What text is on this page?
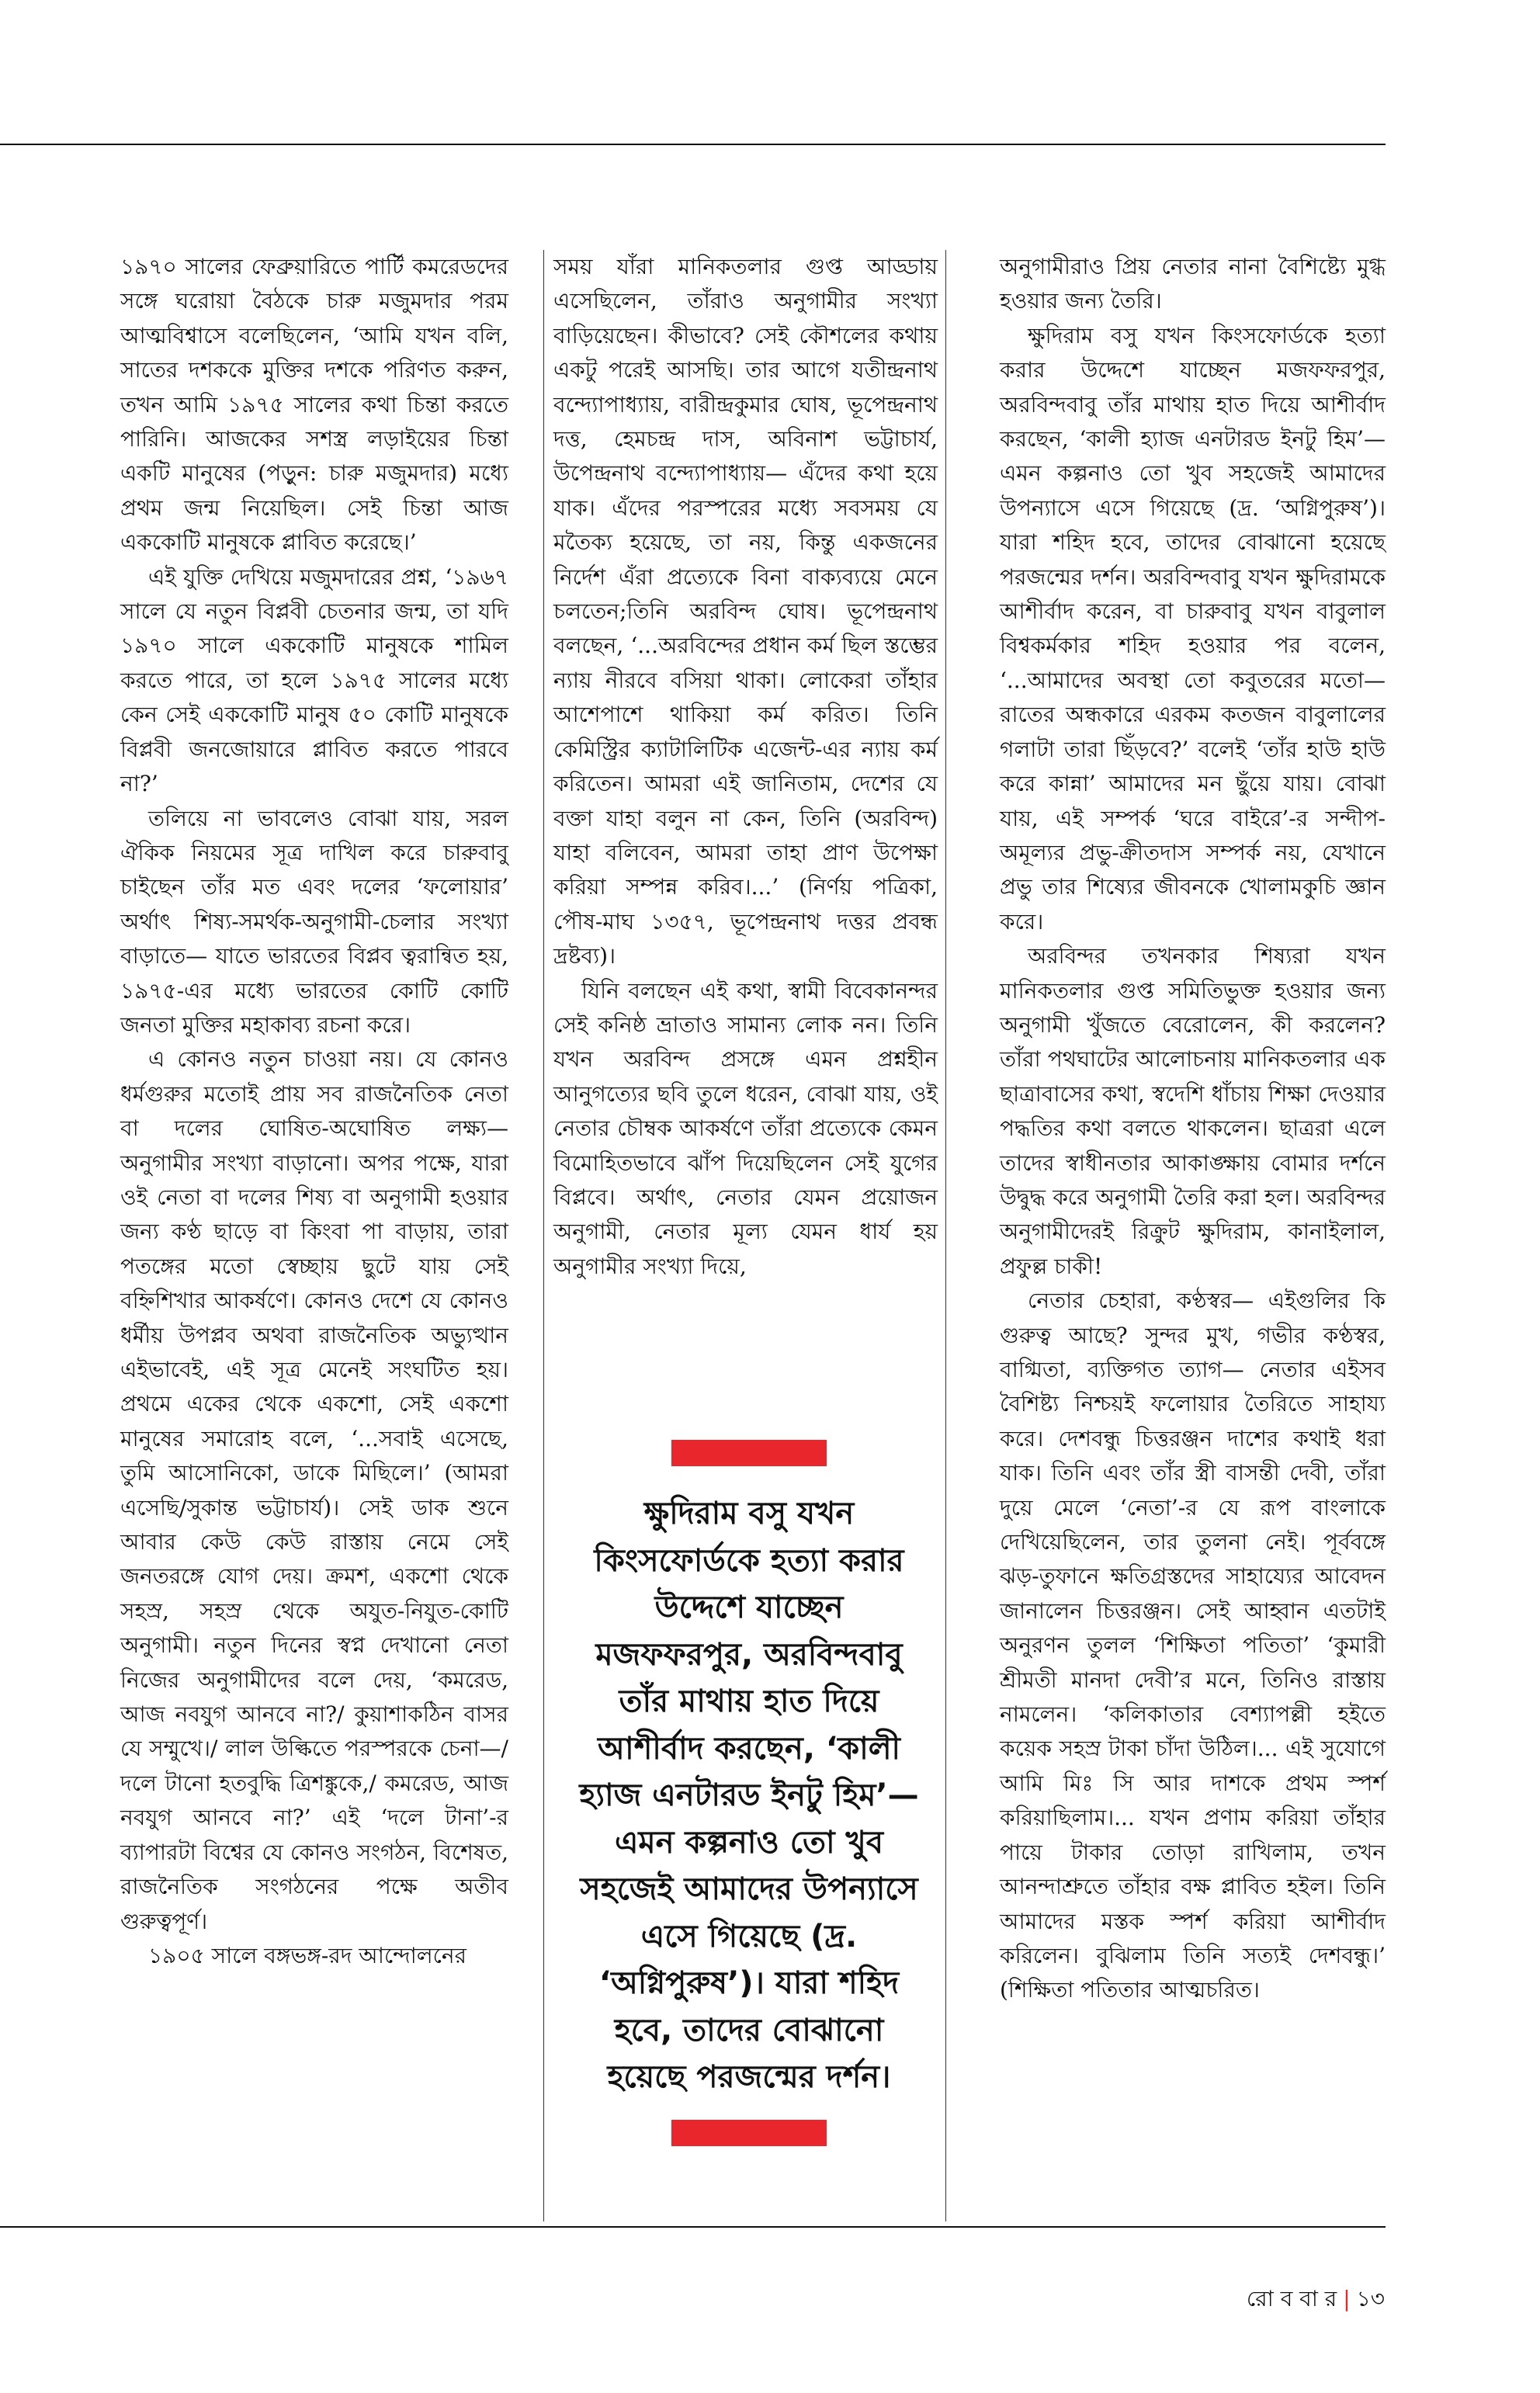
১৯৭০ সালের ফেব্রুয়ারিতে পার্টি কমরেডদের সঙ্গে ঘরোয়া বৈঠকে চারু মজুমদার পরম আত্মবিশ্বাসে বলেছিলেন, ‘আমি যখন বলি, সাতের দশককে মুক্তির দশকে পরিণত করুন, তখন আমি ১৯৭৫ সালের কথা চিন্তা করতে পারিনি। আজকের সশস্ত্র লড়াইয়ের চিন্তা একটি মানুষের (পড়ুন: চারু মজুমদার) মধ্যে প্রথম জন্ম নিয়েছিল। সেই চিন্তা আজ এককোটি মানুষকে প্লাবিত করেছে।’

এই যুক্তি দেখিয়ে মজুমদারের প্রশ্ন, ‘১৯৬৭ সালে যে নতুন বিপ্লবী চেতনার জন্ম, তা যদি ১৯৭০ সালে এককোটি মানুষকে শামিল করতে পারে, তা হলে ১৯৭৫ সালের মধ্যে কেন সেই এককোটি মানুষ ৫০ কোটি মানুষকে বিপ্লবী জনজোয়ারে প্লাবিত করতে পারবে না?’

তলিয়ে না ভাবলেও বোঝা যায়, সরল ঐকিক নিয়মের সূত্র দাখিল করে চারুবাবু চাইছেন তাঁর মত এবং দলের ‘ফলোয়ার’ অর্থাৎ শিষ্য-সমর্থক-অনুগামী-চেলার সংখ্যা বাড়াতে— যাতে ভারতের বিপ্লব ত্বরান্বিত হয়, ১৯৭৫-এর মধ্যে ভারতের কোটি কোটি জনতা মুক্তির মহাকাব্য রচনা করে।

এ কোনও নতুন চাওয়া নয়। যে কোনও ধর্মগুরুর মতোই প্রায় সব রাজনৈতিক নেতা বা দলের ঘোষিত-অঘোষিত লক্ষ্য— অনুগামীর সংখ্যা বাড়ানো। অপর পক্ষে, যারা ওই নেতা বা দলের শিষ্য বা অনুগামী হওয়ার জন্য কণ্ঠ ছাড়ে বা কিংবা পা বাড়ায়, তারা পতঙ্গের মতো স্বেচ্ছায় ছুটে যায় সেই বহ্নিশিখার আকর্ষণে। কোনও দেশে যে কোনও ধর্মীয় উপপ্লব অথবা রাজনৈতিক অভ্যুত্থান এইভাবেই, এই সূত্র মেনেই সংঘটিত হয়। প্রথমে একের থেকে একশো, সেই একশো মানুষের সমারোহ বলে, ‘...সবাই এসেছে, তুমি আসোনিকো, ডাকে মিছিলে।’ (আমরা এসেছি/সুকান্ত ভট্টাচার্য)। সেই ডাক শুনে আবার কেউ কেউ রাস্তায় নেমে সেই জনতরঙ্গে যোগ দেয়। ক্রমশ, একশো থেকে সহস্র, সহস্র থেকে অযুত-নিযুত-কোটি অনুগামী। নতুন দিনের স্বপ্ন দেখানো নেতা নিজের অনুগামীদের বলে দেয়, ‘কমরেড, আজ নবযুগ আনবে না?/ কুয়াশাকঠিন বাসর যে সম্মুখে।/ লাল উল্কিতে পরস্পরকে চেনা—/ দলে টানো হতবুদ্ধি ত্রিশঙ্কুকে,/ কমরেড, আজ নবযুগ আনবে না?’ এই ‘দলে টানা’-র ব্যাপারটা বিশ্বের যে কোনও সংগঠন, বিশেষত, রাজনৈতিক সংগঠনের পক্ষে অতীব গুরুত্বপূর্ণ।

১৯০৫ সালে বঙ্গভঙ্গ-রদ আন্দোলনের

সময় যাঁরা মানিকতলার গুপ্ত আড্ডায় এসেছিলেন, তাঁরাও অনুগামীর সংখ্যা বাড়িয়েছেন। কীভাবে? সেই কৌশলের কথায় একটু পরেই আসছি। তার আগে যতীন্দ্রনাথ বন্দ্যোপাধ্যায়, বারীন্দ্রকুমার ঘোষ, ভূপেন্দ্রনাথ দত্ত, হেমচন্দ্র দাস, অবিনাশ ভট্টাচার্য, উপেন্দ্রনাথ বন্দ্যোপাধ্যায়— এঁদের কথা হয়ে যাক। এঁদের পরস্পরের মধ্যে সবসময় যে মতৈক্য হয়েছে, তা নয়, কিন্তু একজনের নির্দেশ এঁরা প্রত্যেকে বিনা বাক্যব্যয়ে মেনে চলতেন;তিনি অরবিন্দ ঘোষ। ভূপেন্দ্রনাথ বলছেন, ‘...অরবিন্দের প্রধান কর্ম ছিল স্তম্ভের ন্যায় নীরবে বসিয়া থাকা। লোকেরা তাঁহার আশেপাশে থাকিয়া কর্ম করিত। তিনি কেমিস্ট্রির ক্যাটালিটিক এজেন্ট-এর ন্যায় কর্ম করিতেন। আমরা এই জানিতাম, দেশের যে বক্তা যাহা বলুন না কেন, তিনি (অরবিন্দ) যাহা বলিবেন, আমরা তাহা প্রাণ উপেক্ষা করিয়া সম্পন্ন করিব।...’ (নির্ণয় পত্রিকা, পৌষ-মাঘ ১৩৫৭, ভূপেন্দ্রনাথ দত্তর প্রবন্ধ দ্রষ্টব্য)।

যিনি বলছেন এই কথা, স্বামী বিবেকানন্দর সেই কনিষ্ঠ ভ্রাতাও সামান্য লোক নন। তিনি যখন অরবিন্দ প্রসঙ্গে এমন প্রশ্নহীন আনুগত্যের ছবি তুলে ধরেন, বোঝা যায়, ওই নেতার চৌম্বক আকর্ষণে তাঁরা প্রত্যেকে কেমন বিমোহিতভাবে ঝাঁপ দিয়েছিলেন সেই যুগের বিপ্লবে। অর্থাৎ, নেতার যেমন প্রয়োজন অনুগামী, নেতার মূল্য যেমন ধার্য হয় অনুগামীর সংখ্যা দিয়ে,

ক্ষুদিরাম বসু যখন কিংসফোর্ডকে হত্যা করার উদ্দেশে যাচ্ছেন মজফফরপুর, অরবিন্দবাবু তাঁর মাথায় হাত দিয়ে আশীর্বাদ করছেন, ‘কালী হ্যাজ এনটারড ইনটু হিম’— এমন কল্পনাও তো খুব সহজেই আমাদের উপন্যাসে এসে গিয়েছে (দ্র. ‘অগ্নিপুরুষ’)। যারা শহিদ হবে, তাদের বোঝানো হয়েছে পরজন্মের দর্শন।

অনুগামীরাও প্রিয় নেতার নানা বৈশিষ্ট্যে মুগ্ধ হওয়ার জন্য তৈরি।

ক্ষুদিরাম বসু যখন কিংসফোর্ডকে হত্যা করার উদ্দেশে যাচ্ছেন মজফফরপুর, অরবিন্দবাবু তাঁর মাথায় হাত দিয়ে আশীর্বাদ করছেন, ‘কালী হ্যাজ এনটারড ইনটু হিম’— এমন কল্পনাও তো খুব সহজেই আমাদের উপন্যাসে এসে গিয়েছে (দ্র. ‘অগ্নিপুরুষ’)। যারা শহিদ হবে, তাদের বোঝানো হয়েছে পরজন্মের দর্শন। অরবিন্দবাবু যখন ক্ষুদিরামকে আশীর্বাদ করেন, বা চারুবাবু যখন বাবুলাল বিশ্বকর্মকার শহিদ হওয়ার পর বলেন, ‘...আমাদের অবস্থা তো কবুতরের মতো— রাতের অন্ধকারে এরকম কতজন বাবুলালের গলাটা তারা ছিঁড়বে?’ বলেই ‘তাঁর হাউ হাউ করে কান্না’ আমাদের মন ছুঁয়ে যায়। বোঝা যায়, এই সম্পর্ক ‘ঘরে বাইরে’-র সন্দীপ-অমূল্যর প্রভু-ক্রীতদাস সম্পর্ক নয়, যেখানে প্রভু তার শিষ্যের জীবনকে খোলামকুচি জ্ঞান করে।

অরবিন্দর তখনকার শিষ্যরা যখন মানিকতলার গুপ্ত সমিতিভুক্ত হওয়ার জন্য অনুগামী খুঁজতে বেরোলেন, কী করলেন? তাঁরা পথঘাটের আলোচনায় মানিকতলার এক ছাত্রাবাসের কথা, স্বদেশি ধাঁচায় শিক্ষা দেওয়ার পদ্ধতির কথা বলতে থাকলেন। ছাত্ররা এলে তাদের স্বাধীনতার আকাঙ্ক্ষায় বোমার দর্শনে উদ্বুদ্ধ করে অনুগামী তৈরি করা হল। অরবিন্দর অনুগামীদেরই রিক্রুট ক্ষুদিরাম, কানাইলাল, প্রফুল্ল চাকী!

নেতার চেহারা, কণ্ঠস্বর— এইগুলির কি গুরুত্ব আছে? সুন্দর মুখ, গভীর কণ্ঠস্বর, বাগ্মিতা, ব্যক্তিগত ত্যাগ— নেতার এইসব বৈশিষ্ট্য নিশ্চয়ই ফলোয়ার তৈরিতে সাহায্য করে। দেশবন্ধু চিত্তরঞ্জন দাশের কথাই ধরা যাক। তিনি এবং তাঁর স্ত্রী বাসন্তী দেবী, তাঁরা দুয়ে মেলে ‘নেতা’-র যে রূপ বাংলাকে দেখিয়েছিলেন, তার তুলনা নেই। পূর্ববঙ্গে ঝড়-তুফানে ক্ষতিগ্রস্তদের সাহায্যের আবেদন জানালেন চিত্তরঞ্জন। সেই আহ্বান এতটাই অনুরণন তুলল ‘শিক্ষিতা পতিতা’ ‘কুমারী শ্রীমতী মানদা দেবী’র মনে, তিনিও রাস্তায় নামলেন। ‘কলিকাতার বেশ্যাপল্লী হইতে কয়েক সহস্র টাকা চাঁদা উঠিল।... এই সুযোগে আমি মিঃ সি আর দাশকে প্রথম স্পর্শ করিয়াছিলাম।... যখন প্রণাম করিয়া তাঁহার পায়ে টাকার তোড়া রাখিলাম, তখন আনন্দাশ্রুতে তাঁহার বক্ষ প্লাবিত হইল। তিনি আমাদের মস্তক স্পর্শ করিয়া আশীর্বাদ করিলেন। বুঝিলাম তিনি সত্যই দেশবন্ধু।’ (শিক্ষিতা পতিতার আত্মচরিত।

রো ব বা র | ১৩
